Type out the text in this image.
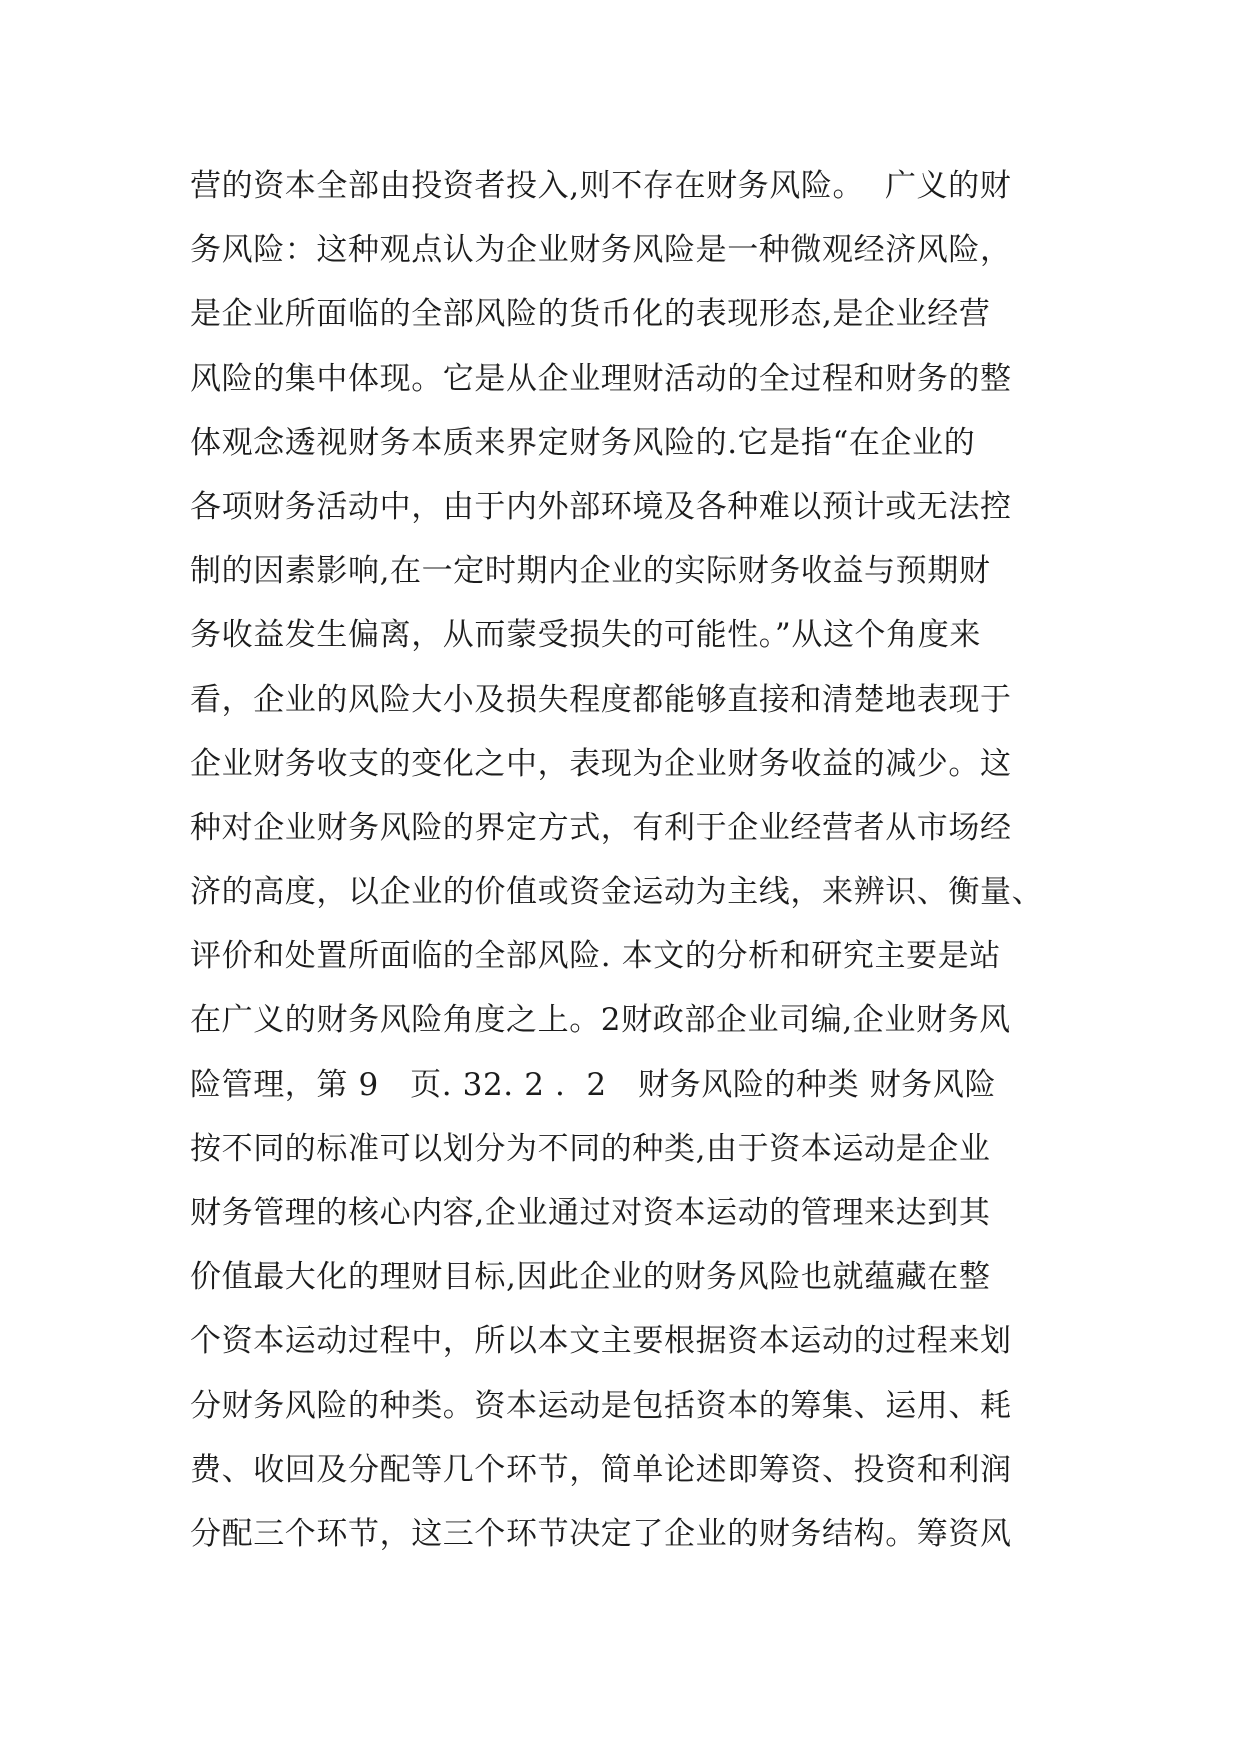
营的资本全部由投资者投入,则不存在财务风险。  广义的财
务风险：这种观点认为企业财务风险是一种微观经济风险，
是企业所面临的全部风险的货币化的表现形态,是企业经营
风险的集中体现。它是从企业理财活动的全过程和财务的整
体观念透视财务本质来界定财务风险的.它是指“在企业的
各项财务活动中，由于内外部环境及各种难以预计或无法控
制的因素影响,在一定时期内企业的实际财务收益与预期财
务收益发生偏离，从而蒙受损失的可能性。”从这个角度来
看，企业的风险大小及损失程度都能够直接和清楚地表现于
企业财务收支的变化之中，表现为企业财务收益的减少。这
种对企业财务风险的界定方式，有利于企业经营者从市场经
济的高度，以企业的价值或资金运动为主线，来辨识、衡量、
评价和处置所面临的全部风险. 本文的分析和研究主要是站
在广义的财务风险角度之上。2财政部企业司编,企业财务风
险管理，第 9   页. 32. 2 .  2   财务风险的种类 财务风险
按不同的标准可以划分为不同的种类,由于资本运动是企业
财务管理的核心内容,企业通过对资本运动的管理来达到其
价值最大化的理财目标,因此企业的财务风险也就蕴藏在整
个资本运动过程中，所以本文主要根据资本运动的过程来划
分财务风险的种类。资本运动是包括资本的筹集、运用、耗
费、收回及分配等几个环节，简单论述即筹资、投资和利润
分配三个环节，这三个环节决定了企业的财务结构。筹资风
